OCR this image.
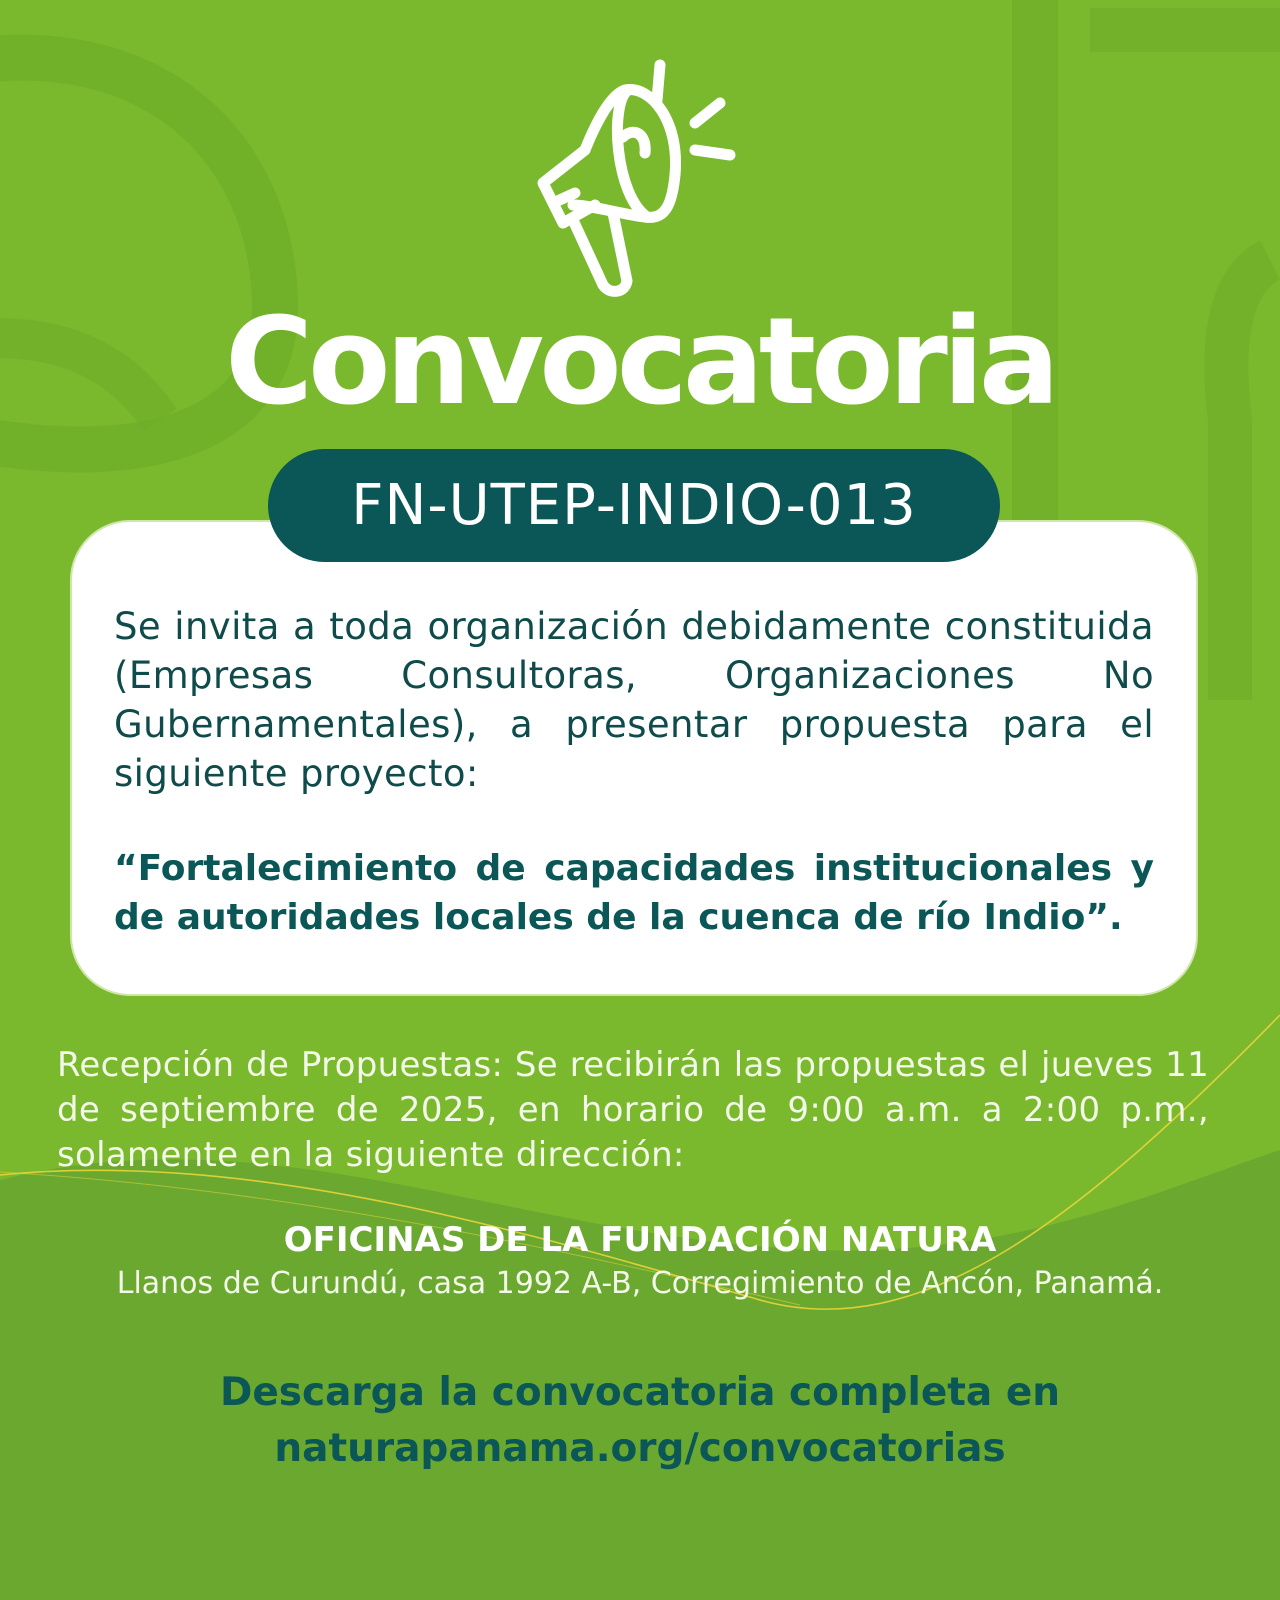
Convocatoria
FN-UTEP-INDIO-013

Se invita a toda organización debidamente constituida (Empresas Consultoras, Organizaciones No Gubernamentales), a presentar propuesta para el siguiente proyecto:

“Fortalecimiento de capacidades institucionales y de autoridades locales de la cuenca de río Indio”.

Recepción de Propuestas: Se recibirán las propuestas el jueves 11 de septiembre de 2025, en horario de 9:00 a.m. a 2:00 p.m., solamente en la siguiente dirección:

OFICINAS DE LA FUNDACIÓN NATURA
Llanos de Curundú, casa 1992 A-B, Corregimiento de Ancón, Panamá.
Descarga la convocatoria completa en
naturapanama.org/convocatorias
